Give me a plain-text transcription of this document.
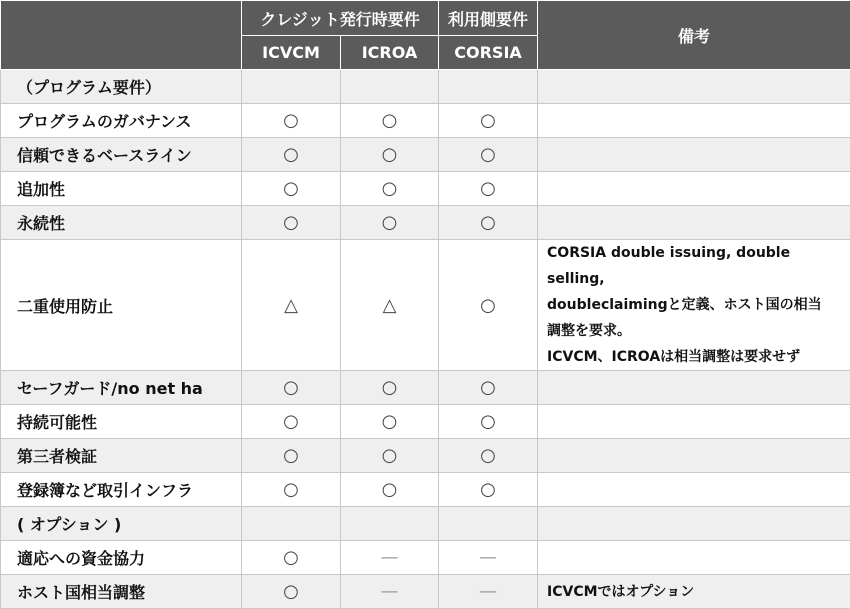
	クレジット発行時要件		利用側要件	備考
	ICVCM	ICROA	CORSIA	
（プログラム要件）				
プログラムのガバナンス	○	○	○	
信頼できるベースライン	○	○	○	
追加性	○	○	○	
永続性	○	○	○	
二重使用防止	△	△	○	CORSIA double issuing, double selling,
doubleclaimingと定義、ホスト国の相当
調整を要求。
ICVCM、ICROAは相当調整は要求せず

セーフガード/no net ha	○	○	○	
持続可能性	○	○	○	
第三者検証	○	○	○	
登録簿など取引インフラ	○	○	○	
( オプション )				
適応への資金協力	○	—	—	
ホスト国相当調整	○	—	—	ICVCMではオプション
